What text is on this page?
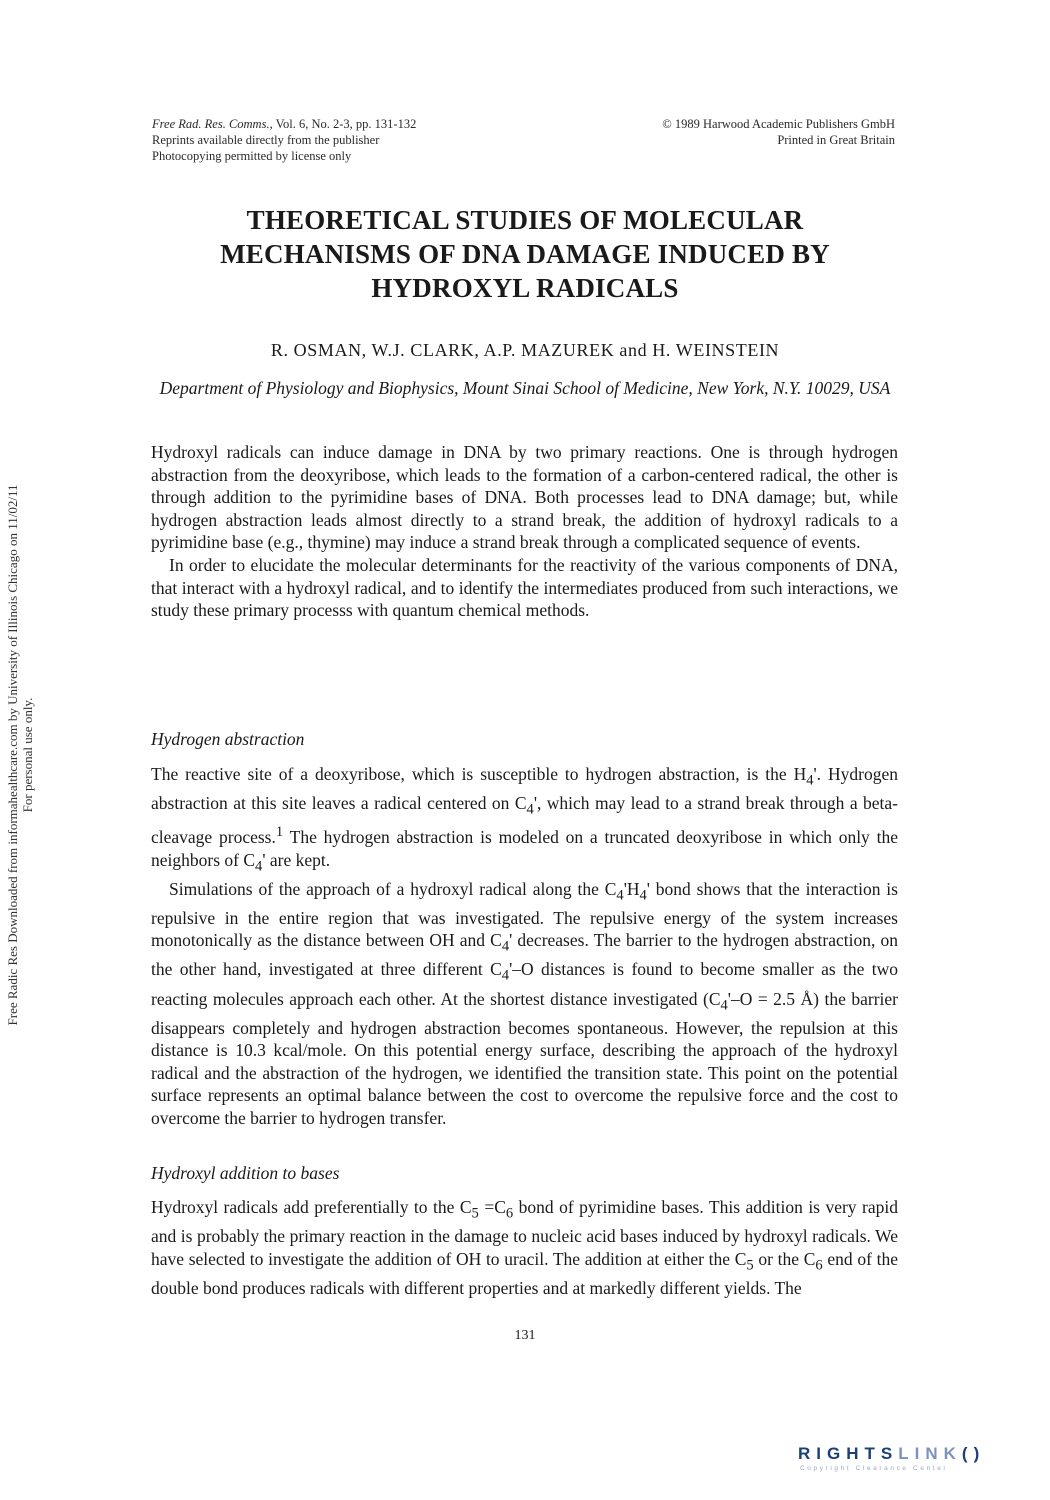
Free Rad. Res. Comms., Vol. 6, No. 2-3, pp. 131-132
Reprints available directly from the publisher
Photocopying permitted by license only
© 1989 Harwood Academic Publishers GmbH
Printed in Great Britain
THEORETICAL STUDIES OF MOLECULAR MECHANISMS OF DNA DAMAGE INDUCED BY HYDROXYL RADICALS

R. OSMAN, W.J. CLARK, A.P. MAZUREK and H. WEINSTEIN

Department of Physiology and Biophysics, Mount Sinai School of Medicine, New York, N.Y. 10029, USA

Hydroxyl radicals can induce damage in DNA by two primary reactions. One is through hydrogen abstraction from the deoxyribose, which leads to the formation of a carbon-centered radical, the other is through addition to the pyrimidine bases of DNA. Both processes lead to DNA damage; but, while hydrogen abstraction leads almost directly to a strand break, the addition of hydroxyl radicals to a pyrimidine base (e.g., thymine) may induce a strand break through a complicated sequence of events.

In order to elucidate the molecular determinants for the reactivity of the various components of DNA, that interact with a hydroxyl radical, and to identify the intermediates produced from such interactions, we study these primary processs with quantum chemical methods.

Hydrogen abstraction

The reactive site of a deoxyribose, which is susceptible to hydrogen abstraction, is the $H_4'$. Hydrogen abstraction at this site leaves a radical centered on $C_4'$, which may lead to a strand break through a beta-cleavage process.$^1$ The hydrogen abstraction is modeled on a truncated deoxyribose in which only the neighbors of $C_4'$ are kept.

Simulations of the approach of a hydroxyl radical along the $C_4'H_4'$ bond shows that the interaction is repulsive in the entire region that was investigated. The repulsive energy of the system increases monotonically as the distance between OH and $C_4'$ decreases. The barrier to the hydrogen abstraction, on the other hand, investigated at three different $C_4'-O$ distances is found to become smaller as the two reacting molecules approach each other. At the shortest distance investigated ($C_4'-O = 2.5$ Å) the barrier disappears completely and hydrogen abstraction becomes spontaneous. However, the repulsion at this distance is 10.3 kcal/mole. On this potential energy surface, describing the approach of the hydroxyl radical and the abstraction of the hydrogen, we identified the transition state. This point on the potential surface represents an optimal balance between the cost to overcome the repulsive force and the cost to overcome the barrier to hydrogen transfer.

Hydroxyl addition to bases

Hydroxyl radicals add preferentially to the $C_5 =C_6$ bond of pyrimidine bases. This addition is very rapid and is probably the primary reaction in the damage to nucleic acid bases induced by hydroxyl radicals. We have selected to investigate the addition of OH to uracil. The addition at either the $C_5$ or the $C_6$ end of the double bond produces radicals with different properties and at markedly different yields. The

131
Free Radic Res Downloaded from informahealthcare.com by University of Illinois Chicago on 11/02/11 For personal use only.
RIGHTSLINK()
Copyright Clearance Center
